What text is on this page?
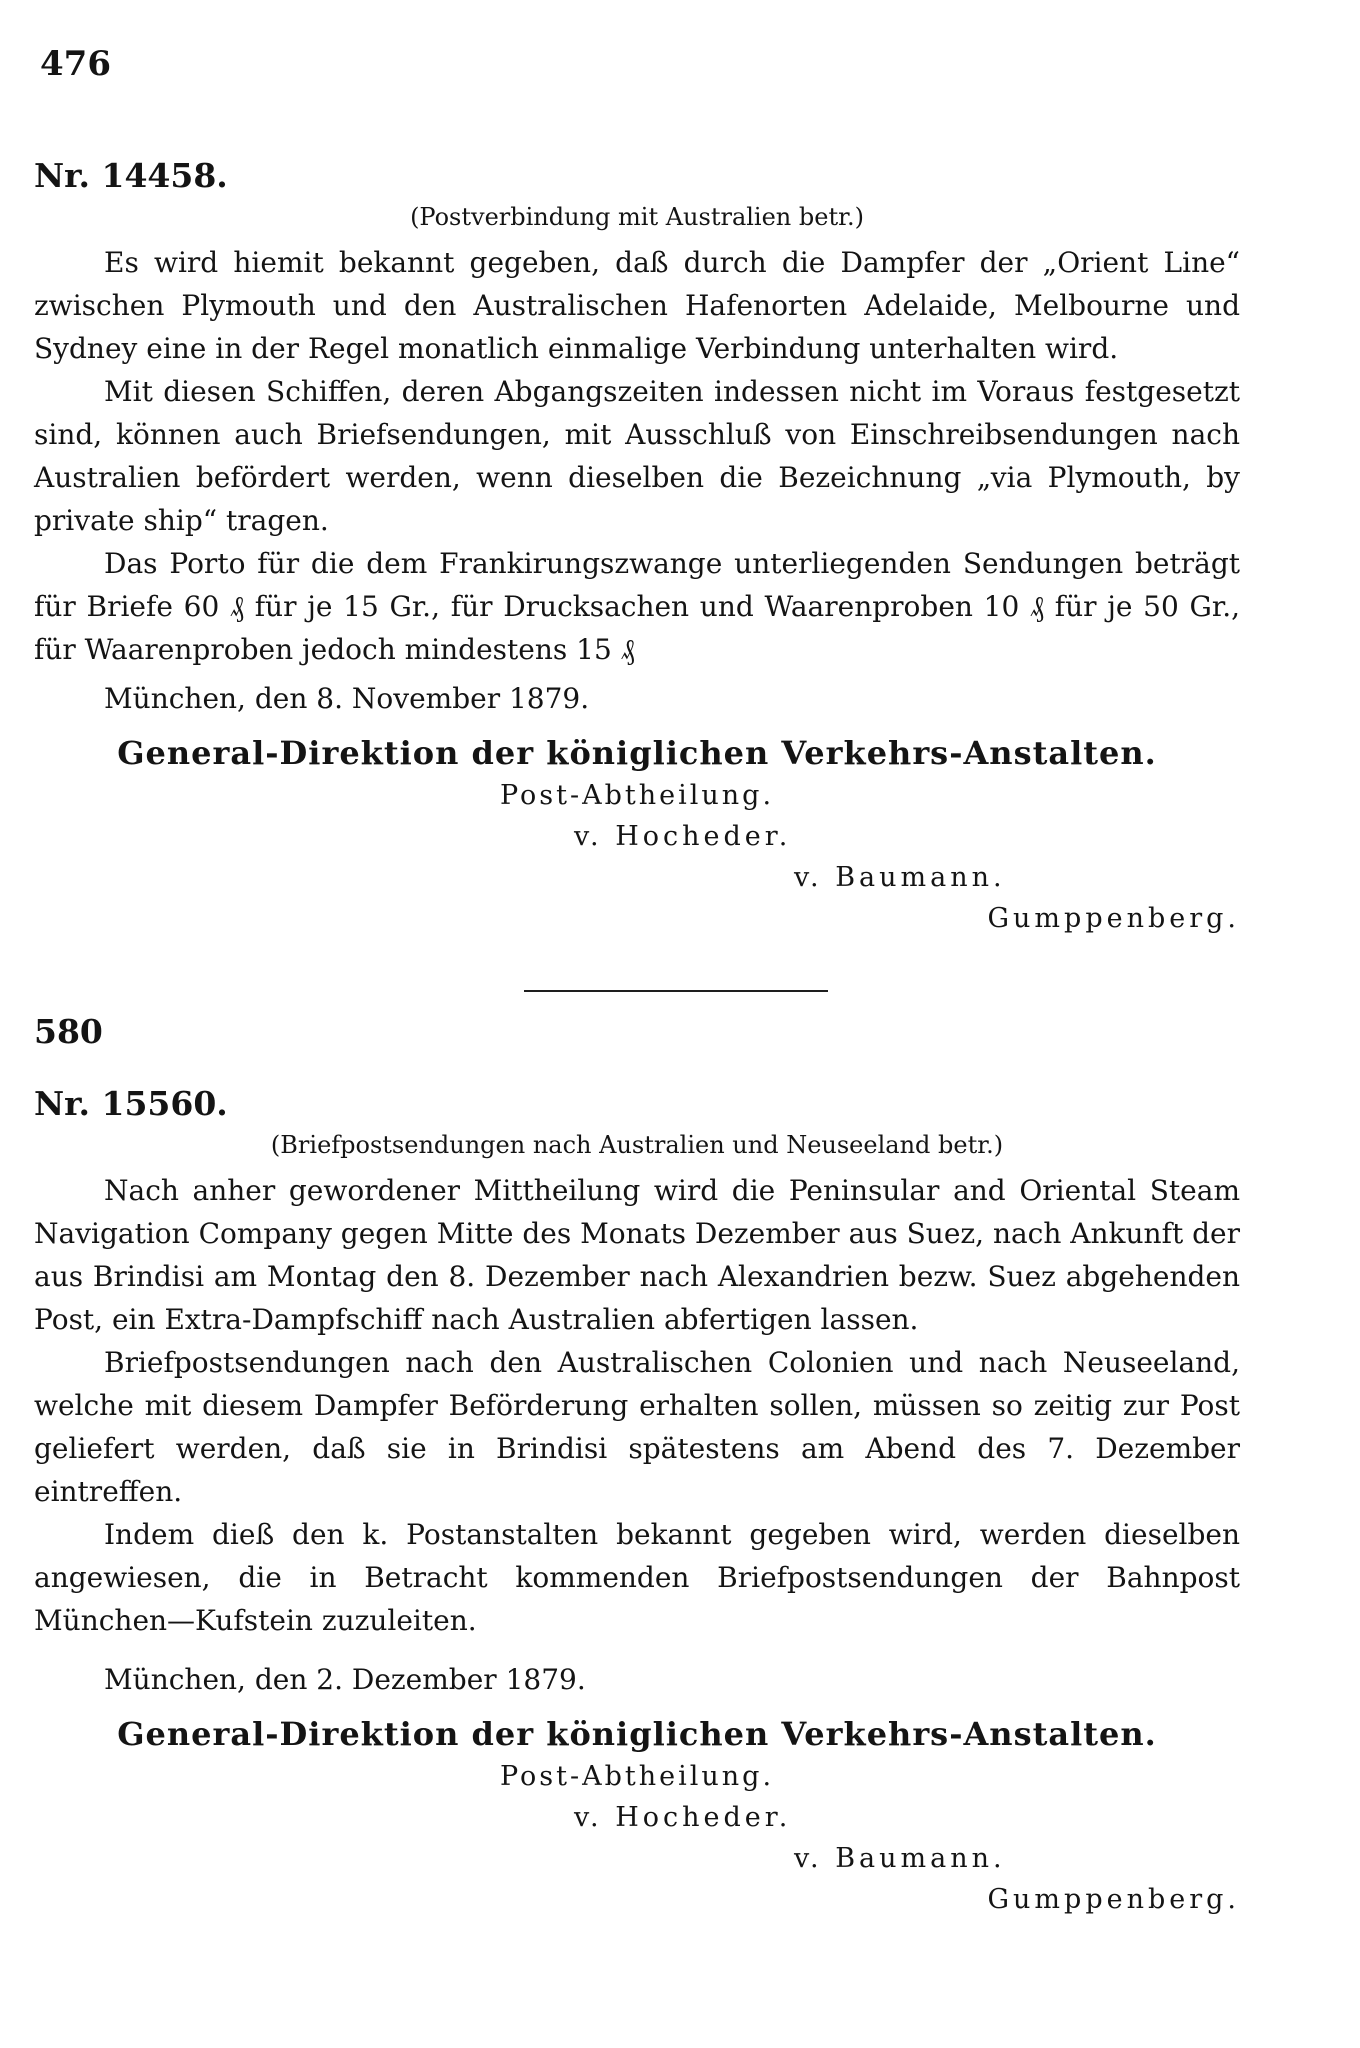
476

Nr. 14458.

(Postverbindung mit Australien betr.)

Es wird hiemit bekannt gegeben, daß durch die Dampfer der „Orient Line“ zwischen Plymouth und den Australischen Hafenorten Adelaide, Melbourne und Sydney eine in der Regel monatlich einmalige Verbindung unterhalten wird.

Mit diesen Schiffen, deren Abgangszeiten indessen nicht im Voraus festgesetzt sind, können auch Briefsendungen, mit Ausschluß von Einschreibsendungen nach Australien befördert werden, wenn dieselben die Bezeichnung „via Plymouth, by private ship“ tragen.

Das Porto für die dem Frankirungszwange unterliegenden Sendungen beträgt für Briefe 60 ₰ für je 15 Gr., für Drucksachen und Waarenproben 10 ₰ für je 50 Gr., für Waarenproben jedoch mindestens 15 ₰

München, den 8. November 1879.

General-Direktion der königlichen Verkehrs-Anstalten.

Post-Abtheilung.

v. Hocheder.

v. Baumann.

Gumppenberg.

580

Nr. 15560.

(Briefpostsendungen nach Australien und Neuseeland betr.)

Nach anher gewordener Mittheilung wird die Peninsular and Oriental Steam Navigation Company gegen Mitte des Monats Dezember aus Suez, nach Ankunft der aus Brindisi am Montag den 8. Dezember nach Alexandrien bezw. Suez abgehenden Post, ein Extra-Dampfschiff nach Australien abfertigen lassen.

Briefpostsendungen nach den Australischen Colonien und nach Neuseeland, welche mit diesem Dampfer Beförderung erhalten sollen, müssen so zeitig zur Post geliefert werden, daß sie in Brindisi spätestens am Abend des 7. Dezember eintreffen.

Indem dieß den k. Postanstalten bekannt gegeben wird, werden dieselben angewiesen, die in Betracht kommenden Briefpostsendungen der Bahnpost München—Kufstein zuzuleiten.

München, den 2. Dezember 1879.

General-Direktion der königlichen Verkehrs-Anstalten.

Post-Abtheilung.

v. Hocheder.

v. Baumann.

Gumppenberg.
